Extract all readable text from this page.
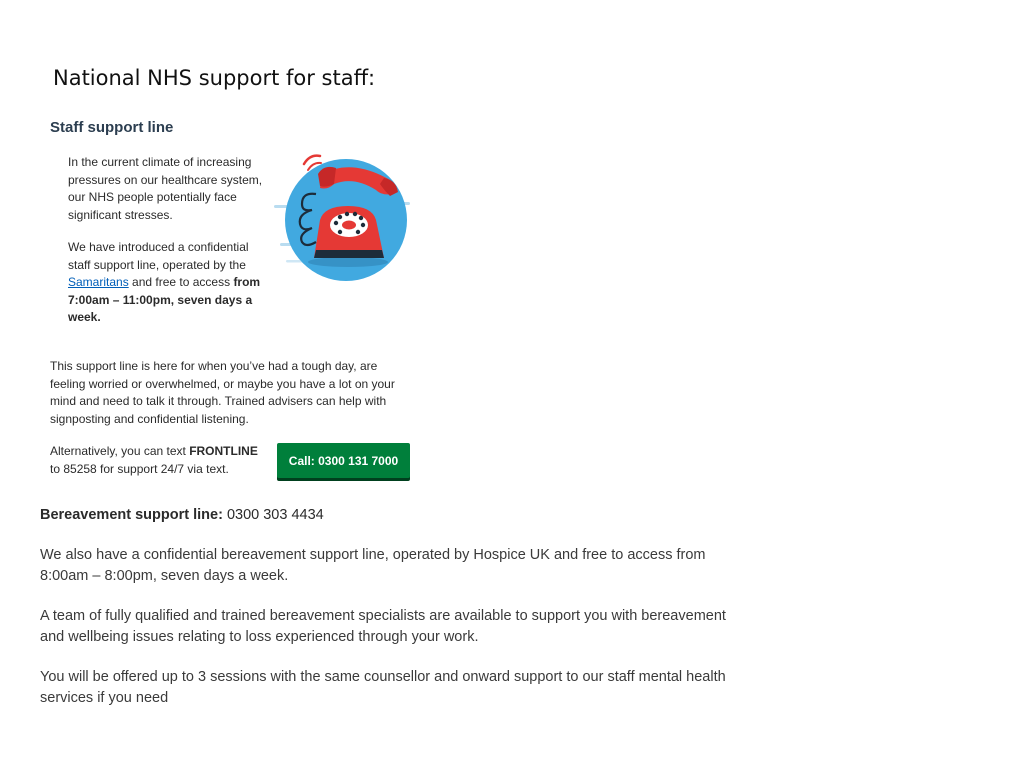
National NHS support for staff:
Staff support line

In the current climate of increasing pressures on our healthcare system, our NHS people potentially face significant stresses.

We have introduced a confidential staff support line, operated by the Samaritans and free to access from 7:00am – 11:00pm, seven days a week.

This support line is here for when you’ve had a tough day, are feeling worried or overwhelmed, or maybe you have a lot on your mind and need to talk it through. Trained advisers can help with signposting and confidential listening.

Alternatively, you can text FRONTLINE to 85258 for support 24/7 via text.

Call: 0300 131 7000

Bereavement support line: 0300 303 4434

We also have a confidential bereavement support line, operated by Hospice UK and free to access from 8:00am – 8:00pm, seven days a week.

A team of fully qualified and trained bereavement specialists are available to support you with bereavement and wellbeing issues relating to loss experienced through your work.

You will be offered up to 3 sessions with the same counsellor and onward support to our staff mental health services if you need
